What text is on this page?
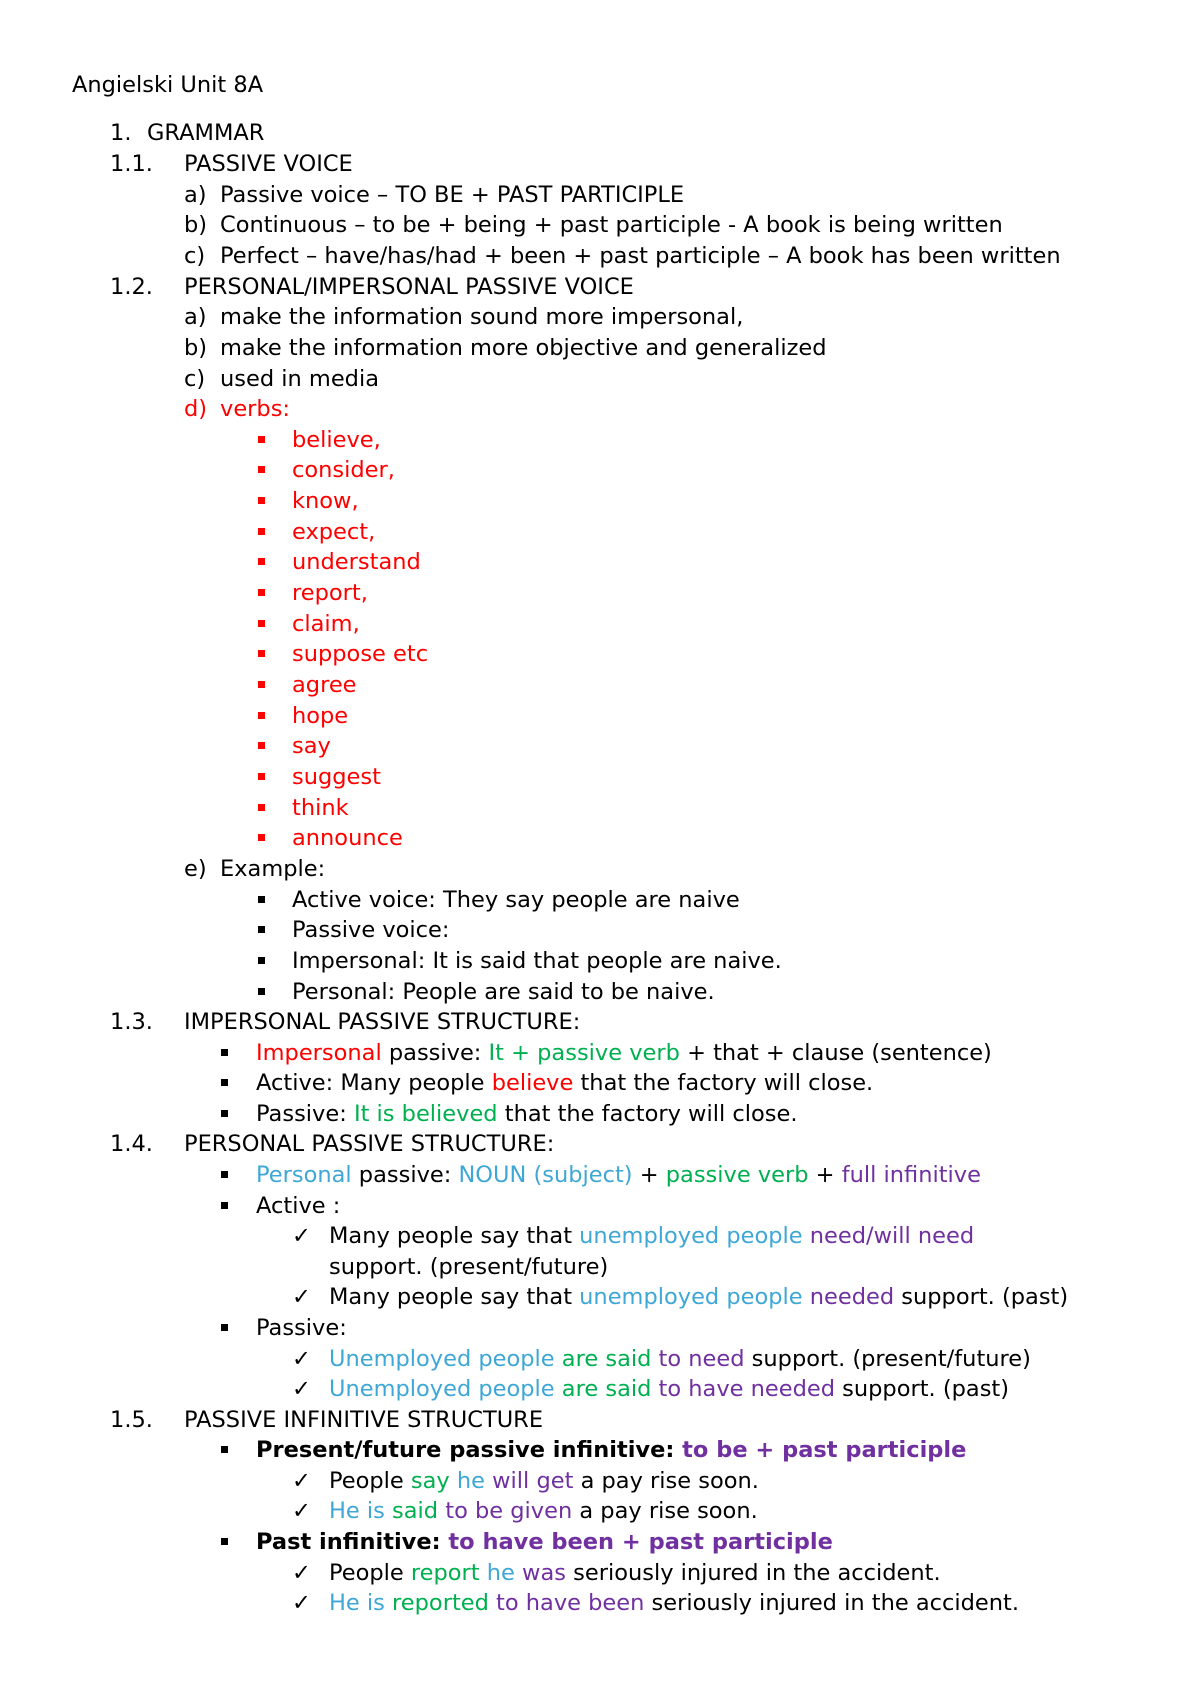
Angielski Unit 8A
1. GRAMMAR
1.1. PASSIVE VOICE
a) Passive voice – TO BE + PAST PARTICIPLE
b) Continuous – to be + being + past participle - A book is being written
c) Perfect – have/has/had + been + past participle – A book has been written
1.2. PERSONAL/IMPERSONAL PASSIVE VOICE
a) make the information sound more impersonal,
b) make the information more objective and generalized
c) used in media
d) verbs:
believe,
consider,
know,
expect,
understand
report,
claim,
suppose etc
agree
hope
say
suggest
think
announce
e) Example:
Active voice: They say people are naive
Passive voice:
Impersonal: It is said that people are naive.
Personal: People are said to be naive.
1.3. IMPERSONAL PASSIVE STRUCTURE:
Impersonal passive: It + passive verb + that + clause (sentence)
Active: Many people believe that the factory will close.
Passive: It is believed that the factory will close.
1.4. PERSONAL PASSIVE STRUCTURE:
Personal passive: NOUN (subject) + passive verb + full infinitive
Active :
✓ Many people say that unemployed people need/will need
support. (present/future)
✓ Many people say that unemployed people needed support. (past)
Passive:
✓ Unemployed people are said to need support. (present/future)
✓ Unemployed people are said to have needed support. (past)
1.5. PASSIVE INFINITIVE STRUCTURE
Present/future passive infinitive: to be + past participle
✓ People say he will get a pay rise soon.
✓ He is said to be given a pay rise soon.
Past infinitive: to have been + past participle
✓ People report he was seriously injured in the accident.
✓ He is reported to have been seriously injured in the accident.
